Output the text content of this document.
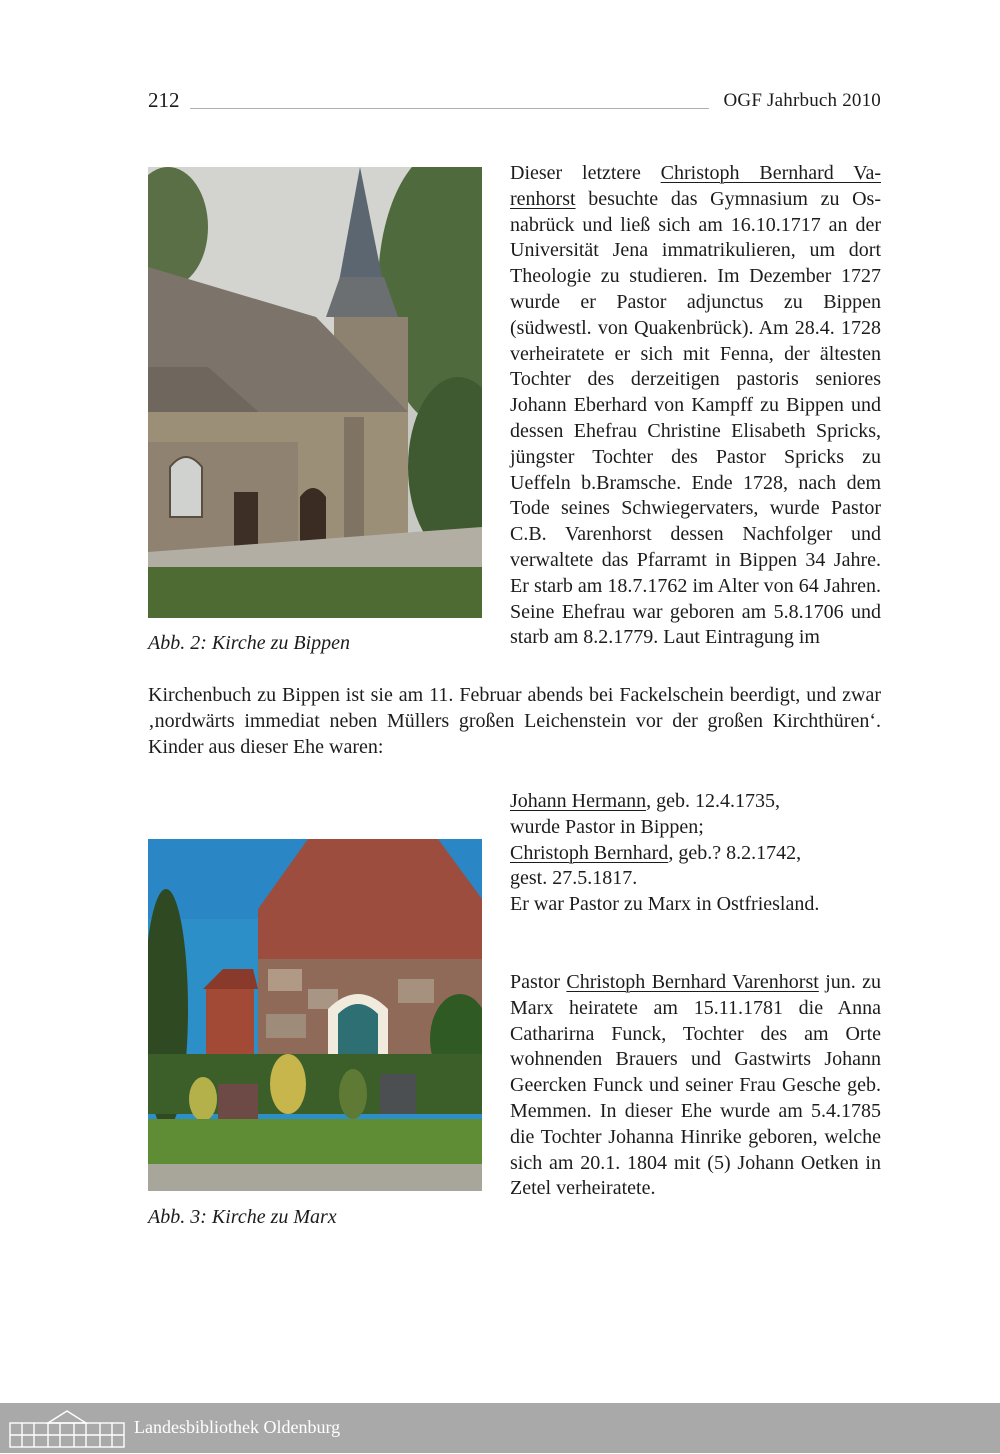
212	OGF Jahrbuch 2010
Abb. 2: Kirche zu Bippen

Dieser letztere Christoph Bernhard Va- renhorst besuchte das Gymnasium zu Os- nabrück und ließ sich am 16.10.1717 an der Universität Jena immatrikulieren, um dort Theologie zu studieren. Im Dezember 1727 wurde er Pastor adjunctus zu Bippen (südwestl. von Quakenbrück). Am 28.4. 1728 verheiratete er sich mit Fenna, der ältesten Tochter des derzeitigen pastoris seniores Johann Eberhard von Kampff zu Bippen und dessen Ehefrau Christine Elisabeth Spricks, jüngster Tochter des Pastor Spricks zu Ueffeln b.Bramsche. Ende 1728, nach dem Tode seines Schwiegervaters, wurde Pastor C.B. Varenhorst dessen Nachfolger und verwaltete das Pfarramt in Bippen 34 Jahre. Er starb am 18.7.1762 im Alter von 64 Jahren. Seine Ehefrau war geboren am 5.8.1706 und starb am 8.2.1779. Laut Eintragung im

Kirchenbuch zu Bippen ist sie am 11. Februar abends bei Fackelschein beerdigt, und zwar ‚nordwärts immediat neben Müllers großen Leichenstein vor der großen Kirchthüren‘. Kinder aus dieser Ehe waren:

Abb. 3: Kirche zu Marx

Johann Hermann, geb. 12.4.1735,
wurde Pastor in Bippen;

Christoph Bernhard, geb.? 8.2.1742,
gest. 27.5.1817.
Er war Pastor zu Marx in Ostfriesland.

Pastor Christoph Bernhard Varenhorst jun. zu Marx heiratete am 15.11.1781 die Anna Catharirna Funck, Tochter des am Orte wohnenden Brauers und Gastwirts Johann Geercken Funck und seiner Frau Gesche geb. Memmen. In dieser Ehe wurde am 5.4.1785 die Tochter Johanna Hinrike geboren, welche sich am 20.1. 1804 mit (5) Johann Oetken in Zetel verheiratete.

Landesbibliothek Oldenburg
